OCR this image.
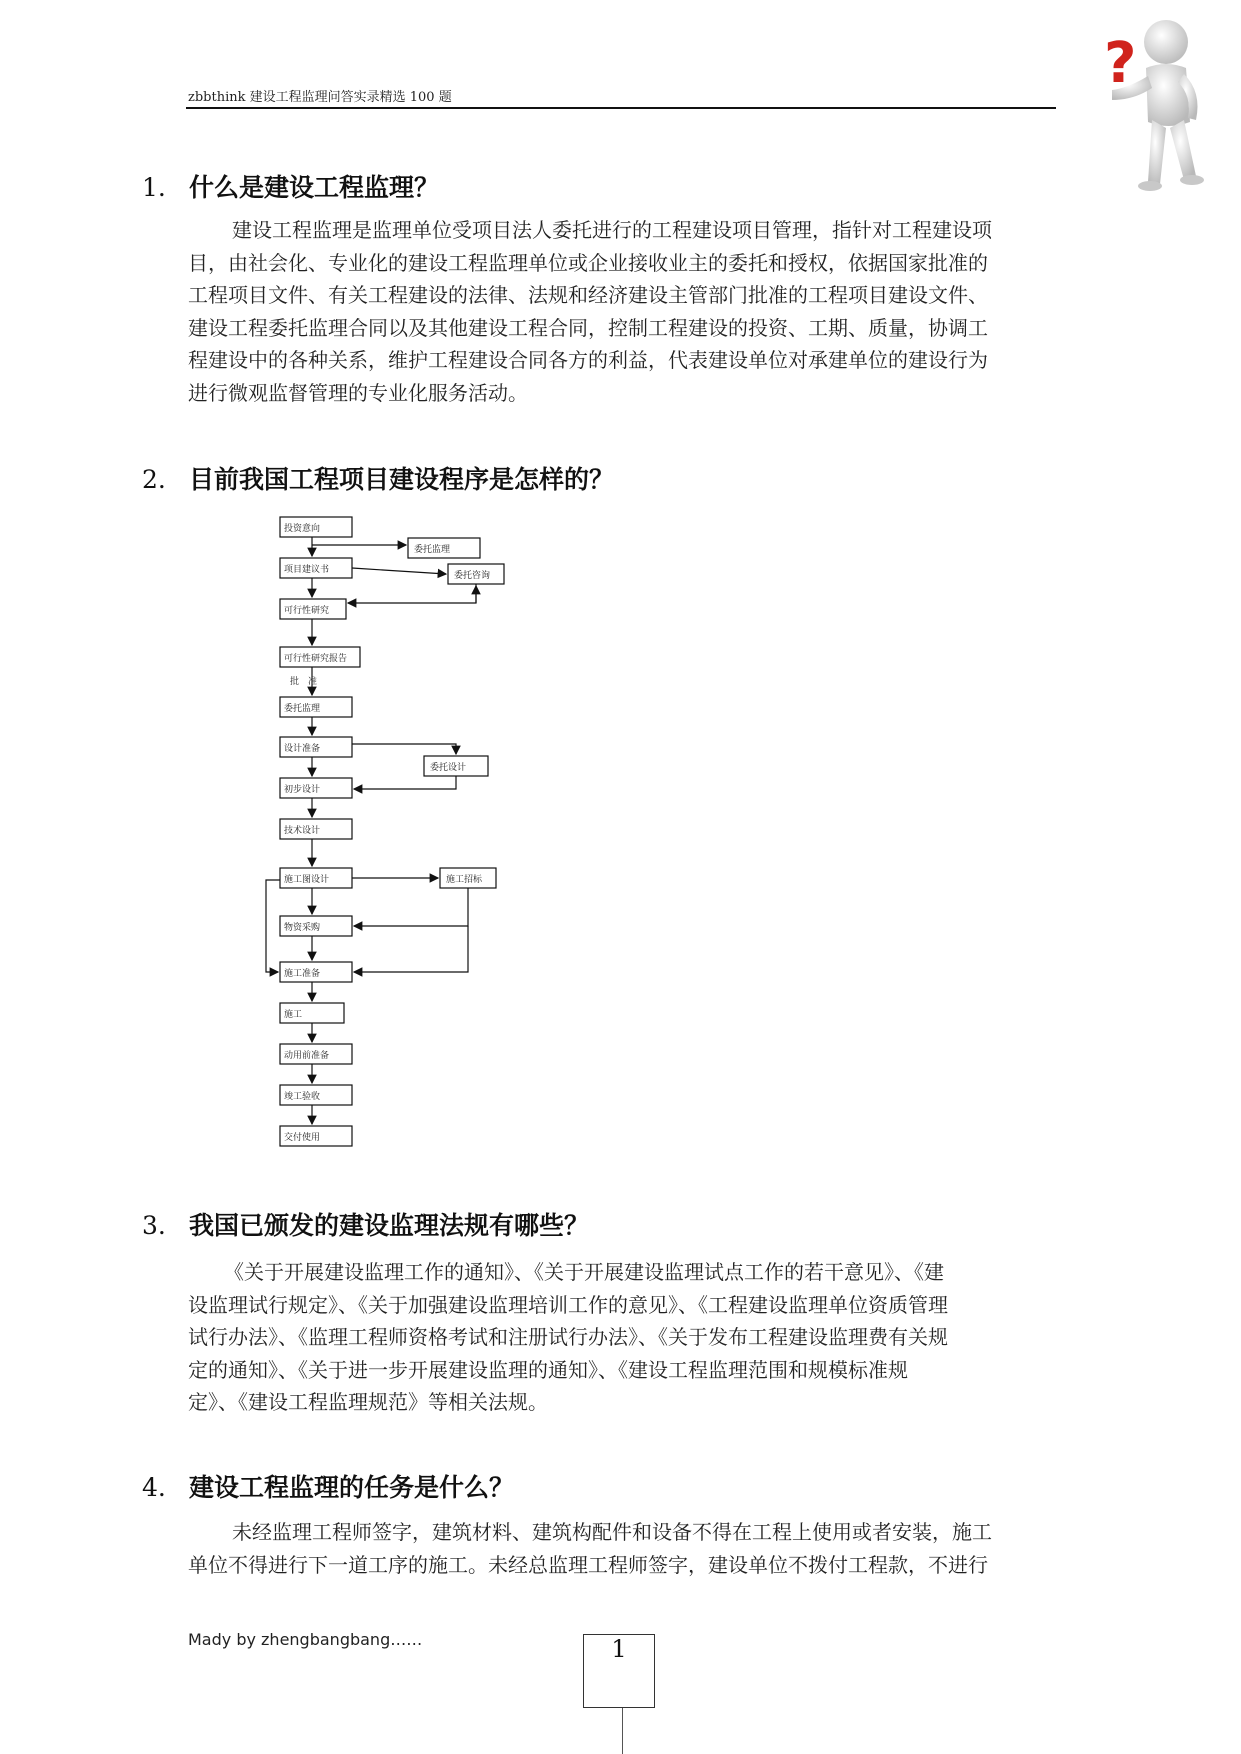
zbbthink 建设工程监理问答实录精选 100 题
?
1. 什么是建设工程监理？
建设工程监理是监理单位受项目法人委托进行的工程建设项目管理，指针对工程建设项
目，由社会化、专业化的建设工程监理单位或企业接收业主的委托和授权，依据国家批准的
工程项目文件、有关工程建设的法律、法规和经济建设主管部门批准的工程项目建设文件、
建设工程委托监理合同以及其他建设工程合同，控制工程建设的投资、工期、质量，协调工
程建设中的各种关系，维护工程建设合同各方的利益，代表建设单位对承建单位的建设行为
进行微观监督管理的专业化服务活动。
2. 目前我国工程项目建设程序是怎样的？
投资意向
项目建议书
可行性研究
可行性研究报告
批　准
委托监理
设计准备
初步设计
技术设计
施工图设计
物资采购
施工准备
施工
动用前准备
竣工验收
交付使用
委托监理
委托咨询
委托设计
施工招标
3. 我国已颁发的建设监理法规有哪些？
《关于开展建设监理工作的通知》、《关于开展建设监理试点工作的若干意见》、《建
设监理试行规定》、《关于加强建设监理培训工作的意见》、《工程建设监理单位资质管理
试行办法》、《监理工程师资格考试和注册试行办法》、《关于发布工程建设监理费有关规
定的通知》、《关于进一步开展建设监理的通知》、《建设工程监理范围和规模标准规
定》、《建设工程监理规范》等相关法规。
4. 建设工程监理的任务是什么？
未经监理工程师签字，建筑材料、建筑构配件和设备不得在工程上使用或者安装，施工
单位不得进行下一道工序的施工。未经总监理工程师签字，建设单位不拨付工程款，不进行
Mady by zhengbangbang……	1
